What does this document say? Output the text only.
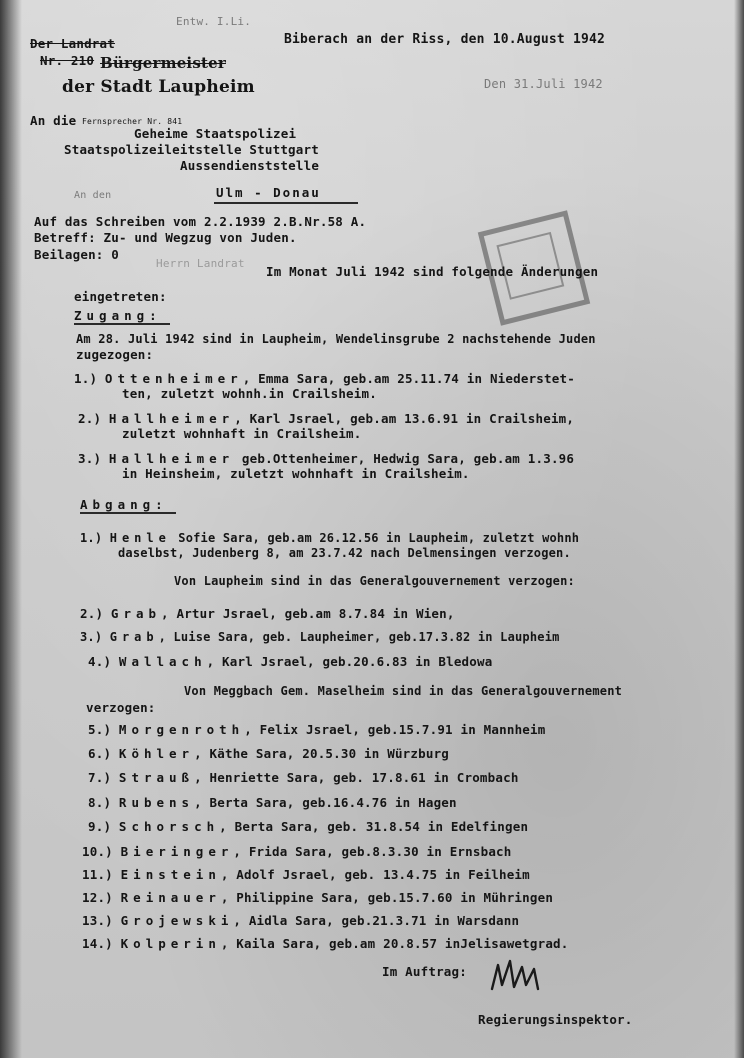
Entw. I.Li.
Der Landrat
Nr. 210 Bürgermeister
der Stadt Laupheim
Biberach an der Riss, den 10.August 1942
Den 31.Juli 1942
An die Fernsprecher Nr. 841
Geheime Staatspolizei
Staatspolizeileitstelle Stuttgart
Aussendienststelle
An den	Ulm - Donau
Auf das Schreiben vom 2.2.1939 2.B.Nr.58 A.
Betreff: Zu- und Wegzug von Juden.
Beilagen: 0
Herrn Landrat
Im Monat Juli 1942 sind folgende Änderungen
eingetreten:
Zugang:
Am 28. Juli 1942 sind in Laupheim, Wendelinsgrube 2 nachstehende Juden
zugezogen:
1.) Ottenheimer, Emma Sara, geb.am 25.11.74 in Niederstet-
ten, zuletzt wohnh.in Crailsheim.
2.) Hallheimer, Karl Jsrael, geb.am 13.6.91 in Crailsheim,
zuletzt wohnhaft in Crailsheim.
3.) Hallheimer geb.Ottenheimer, Hedwig Sara, geb.am 1.3.96
in Heinsheim, zuletzt wohnhaft in Crailsheim.
Abgang:
1.) Henle Sofie Sara, geb.am 26.12.56 in Laupheim, zuletzt wohnh
daselbst, Judenberg 8, am 23.7.42 nach Delmensingen verzogen.
Von Laupheim sind in das Generalgouvernement verzogen:
2.) Grab, Artur Jsrael, geb.am 8.7.84 in Wien,
3.) Grab, Luise Sara, geb. Laupheimer, geb.17.3.82 in Laupheim
4.) Wallach, Karl Jsrael, geb.20.6.83 in Bledowa
Von Meggbach Gem. Maselheim sind in das Generalgouvernement
verzogen:
5.) Morgenroth, Felix Jsrael, geb.15.7.91 in Mannheim
6.) Köhler, Käthe Sara, 20.5.30 in Würzburg
7.) Strauß, Henriette Sara, geb. 17.8.61 in Crombach
8.) Rubens, Berta Sara, geb.16.4.76 in Hagen
9.) Schorsch, Berta Sara, geb. 31.8.54 in Edelfingen
10.) Bieringer, Frida Sara, geb.8.3.30 in Ernsbach
11.) Einstein, Adolf Jsrael, geb. 13.4.75 in Feilheim
12.) Reinauer, Philippine Sara, geb.15.7.60 in Mühringen
13.) Grojewski, Aidla Sara, geb.21.3.71 in Warsdann
14.) Kolperin, Kaila Sara, geb.am 20.8.57 inJelisawetgrad.
Im Auftrag:
Regierungsinspektor.
